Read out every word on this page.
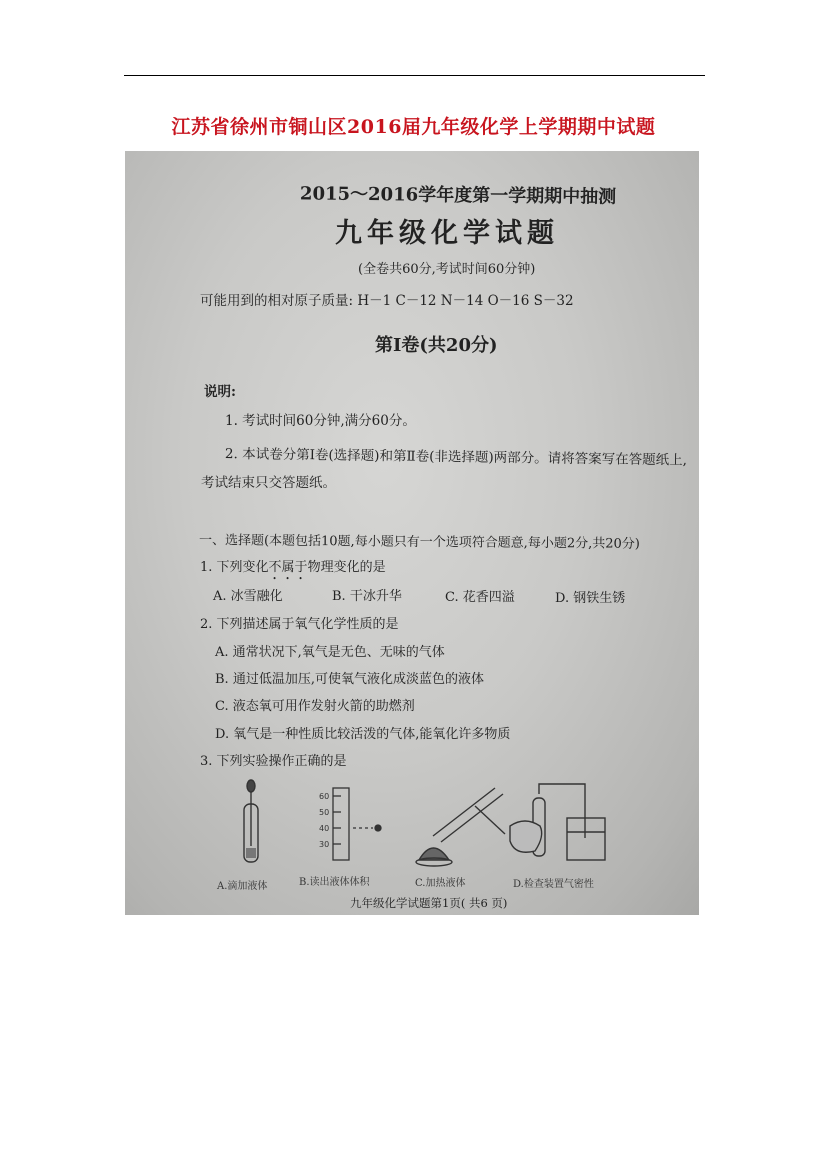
江苏省徐州市铜山区2016届九年级化学上学期期中试题
2015～2016学年度第一学期期中抽测
九年级化学试题
(全卷共60分,考试时间60分钟)
可能用到的相对原子质量: H－1 C－12 N－14 O－16 S－32
第Ⅰ卷(共20分)
说明:
1. 考试时间60分钟,满分60分。
2. 本试卷分第Ⅰ卷(选择题)和第Ⅱ卷(非选择题)两部分。请将答案写在答题纸上,
考试结束只交答题纸。
一、选择题(本题包括10题,每小题只有一个选项符合题意,每小题2分,共20分)
1. 下列变化不属于物理变化的是
A. 冰雪融化	B. 干冰升华	C. 花香四溢	D. 钢铁生锈
2. 下列描述属于氧气化学性质的是
A. 通常状况下,氧气是无色、无味的气体
B. 通过低温加压,可使氧气液化成淡蓝色的液体
C. 液态氧可用作发射火箭的助燃剂
D. 氧气是一种性质比较活泼的气体,能氧化许多物质
3. 下列实验操作正确的是
60
50
40
30
A.滴加液体	B.读出液体体积	C.加热液体	D.检查装置气密性
九年级化学试题第1页( 共6 页)
